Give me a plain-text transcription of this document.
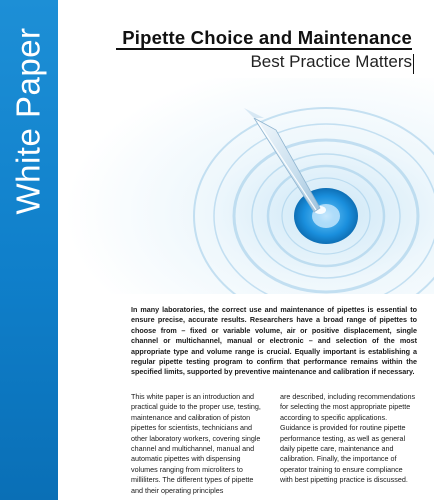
White Paper	Pipette Choice and Maintenance
Best Practice Matters
In many laboratories, the correct use and maintenance of pipettes is essential to ensure precise, accurate results. Researchers have a broad range of pipettes to choose from – fixed or variable volume, air or positive displacement, single channel or multichannel, manual or electronic – and selection of the most appropriate type and volume range is crucial. Equally important is establishing a regular pipette testing program to confirm that performance remains within the specified limits, supported by preventive maintenance and calibration if necessary.
This white paper is an introduction and practical guide to the proper use, testing, maintenance and calibration of piston pipettes for scientists, technicians and other laboratory workers, covering single channel and multichannel, manual and automatic pipettes with dispensing volumes ranging from microliters to milliliters. The different types of pipette and their operating principles
are described, including recommendations for selecting the most appropriate pipette according to specific applications. Guidance is provided for routine pipette performance testing, as well as general daily pipette care, maintenance and calibration. Finally, the importance of operator training to ensure compliance with best pipetting practice is discussed.
